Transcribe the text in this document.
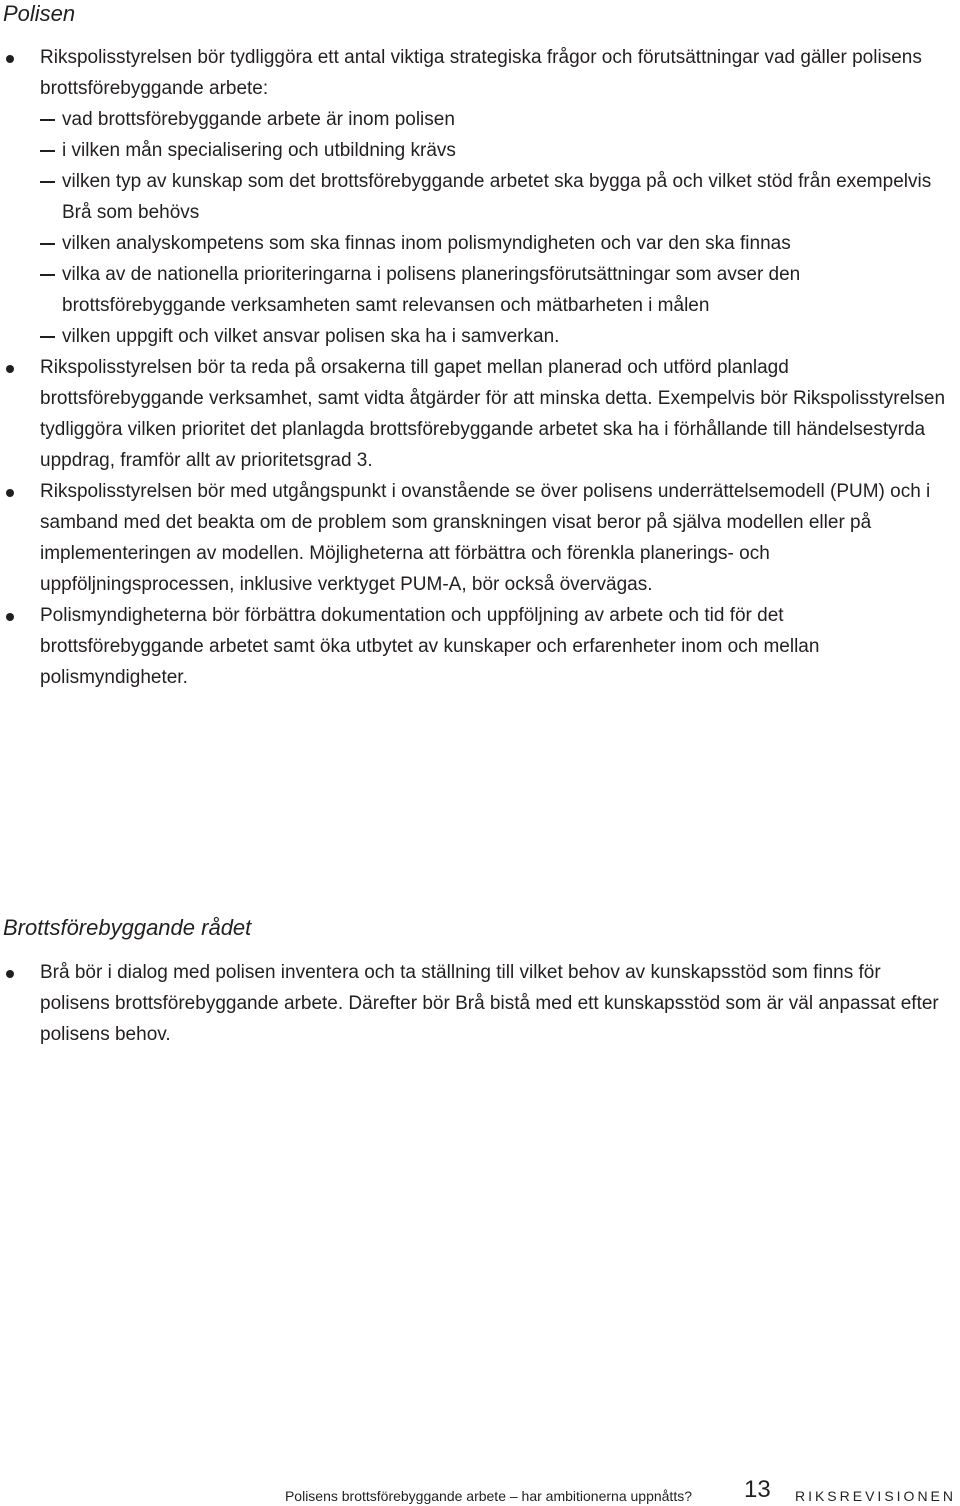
Polisen
Rikspolisstyrelsen bör tydliggöra ett antal viktiga strategiska frågor och förutsättningar vad gäller polisens brottsförebyggande arbete:
vad brottsförebyggande arbete är inom polisen
i vilken mån specialisering och utbildning krävs
vilken typ av kunskap som det brottsförebyggande arbetet ska bygga på och vilket stöd från exempelvis Brå som behövs
vilken analyskompetens som ska finnas inom polismyndigheten och var den ska finnas
vilka av de nationella prioriteringarna i polisens planeringsförutsättningar som avser den brottsförebyggande verksamheten samt relevansen och mätbarheten i målen
vilken uppgift och vilket ansvar polisen ska ha i samverkan.
Rikspolisstyrelsen bör ta reda på orsakerna till gapet mellan planerad och utförd planlagd brottsförebyggande verksamhet, samt vidta åtgärder för att minska detta. Exempelvis bör Rikspolisstyrelsen tydliggöra vilken prioritet det planlagda brottsförebyggande arbetet ska ha i förhållande till händelsestyrda uppdrag, framför allt av prioritetsgrad 3.
Rikspolisstyrelsen bör med utgångspunkt i ovanstående se över polisens underrättelsemodell (PUM) och i samband med det beakta om de problem som granskningen visat beror på själva modellen eller på implementeringen av modellen. Möjligheterna att förbättra och förenkla planerings- och uppföljningsprocessen, inklusive verktyget PUM-A, bör också övervägas.
Polismyndigheterna bör förbättra dokumentation och uppföljning av arbete och tid för det brottsförebyggande arbetet samt öka utbytet av kunskaper och erfarenheter inom och mellan polismyndigheter.
Brottsförebyggande rådet
Brå bör i dialog med polisen inventera och ta ställning till vilket behov av kunskapsstöd som finns för polisens brottsförebyggande arbete. Därefter bör Brå bistå med ett kunskapsstöd som är väl anpassat efter polisens behov.
Polisens brottsförebyggande arbete – har ambitionerna uppnåtts? 13 RIKSREVISIONEN
